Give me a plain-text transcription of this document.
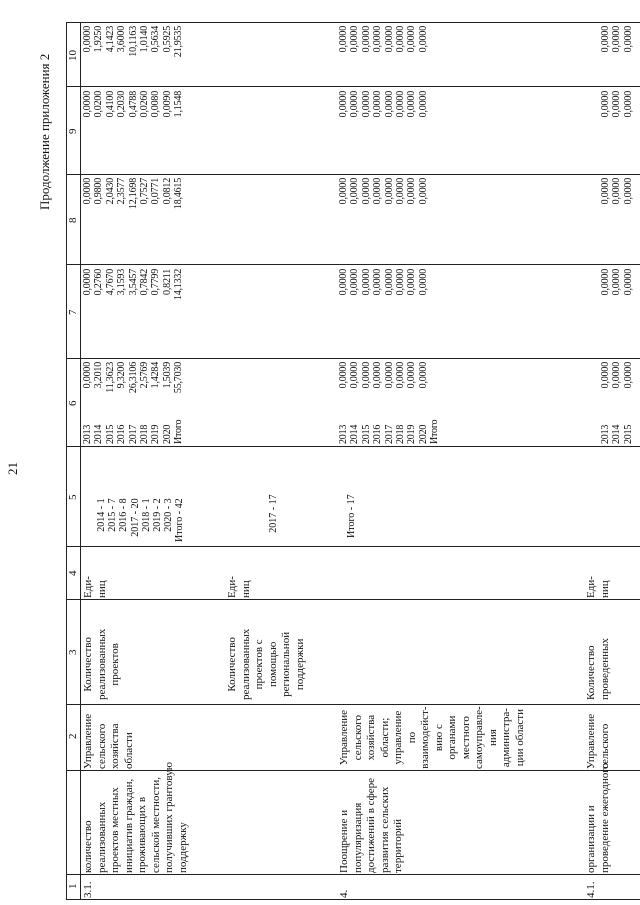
21
Продолжение приложения 2
1
2
3
4
5
6
7
8
9
10
3.1.
количество
реализованных
проектов местных
инициатив граждан,
проживающих в
сельской местности,
получивших грантовую
поддержку
Управление
сельского
хозяйства
области
Количество
реализованных
проектов
Еди-
ниц
2014 - 1
2015 - 7
2016 - 8
2017 - 20
2018 - 1
2019 - 2
2020 - 3
Итого - 42
2013
2014
2015
2016
2017
2018
2019
2020
Итого
0,0000
3,2010
11,3623
9,3200
26,3106
2,5769
1,4284
1,5039
55,7030
0,0000
0,2760
4,7670
3,1593
3,5457
0,7842
0,7799
0,8211
14,1332
0,0000
0,9800
2,0430
2,3577
12,1698
0,7527
0,0771
0,0812
18,4615
0,0000
0,0200
0,4100
0,2030
0,4788
0,0260
0,0080
0,0090
1,1548
0,0000
1,9250
4,1423
3,6000
10,1163
1,0140
0,5634
0,5925
21,9535
Количество
реализованных
проектов с
помощью
региональной
поддержки
Еди-
ниц
2017 - 17

Итого - 17
4.
Поощрение и
популяризация
достижений в сфере
развития сельских
территорий
Управление
сельского
хозяйства
области;
управление
по
взаимодейст-
вию с
органами
местного
самоуправле-
ния
администра-
ции области
2013
2014
2015
2016
2017
2018
2019
2020
Итого
0,0000
0,0000
0,0000
0,0000
0,0000
0,0000
0,0000
0,0000
0,0000
0,0000
0,0000
0,0000
0,0000
0,0000
0,0000
0,0000
0,0000
0,0000
0,0000
0,0000
0,0000
0,0000
0,0000
0,0000
0,0000
0,0000
0,0000
0,0000
0,0000
0,0000
0,0000
0,0000
0,0000
0,0000
0,0000
0,0000
0,0000
0,0000
0,0000
0,0000
4.1.
организации и
проведение ежегодного
Управление
сельского
Количество
проведенных
Еди-
ниц
2013
2014
2015
0,0000
0,0000
0,0000
0,0000
0,0000
0,0000
0,0000
0,0000
0,0000
0,0000
0,0000
0,0000
0,0000
0,0000
0,0000
